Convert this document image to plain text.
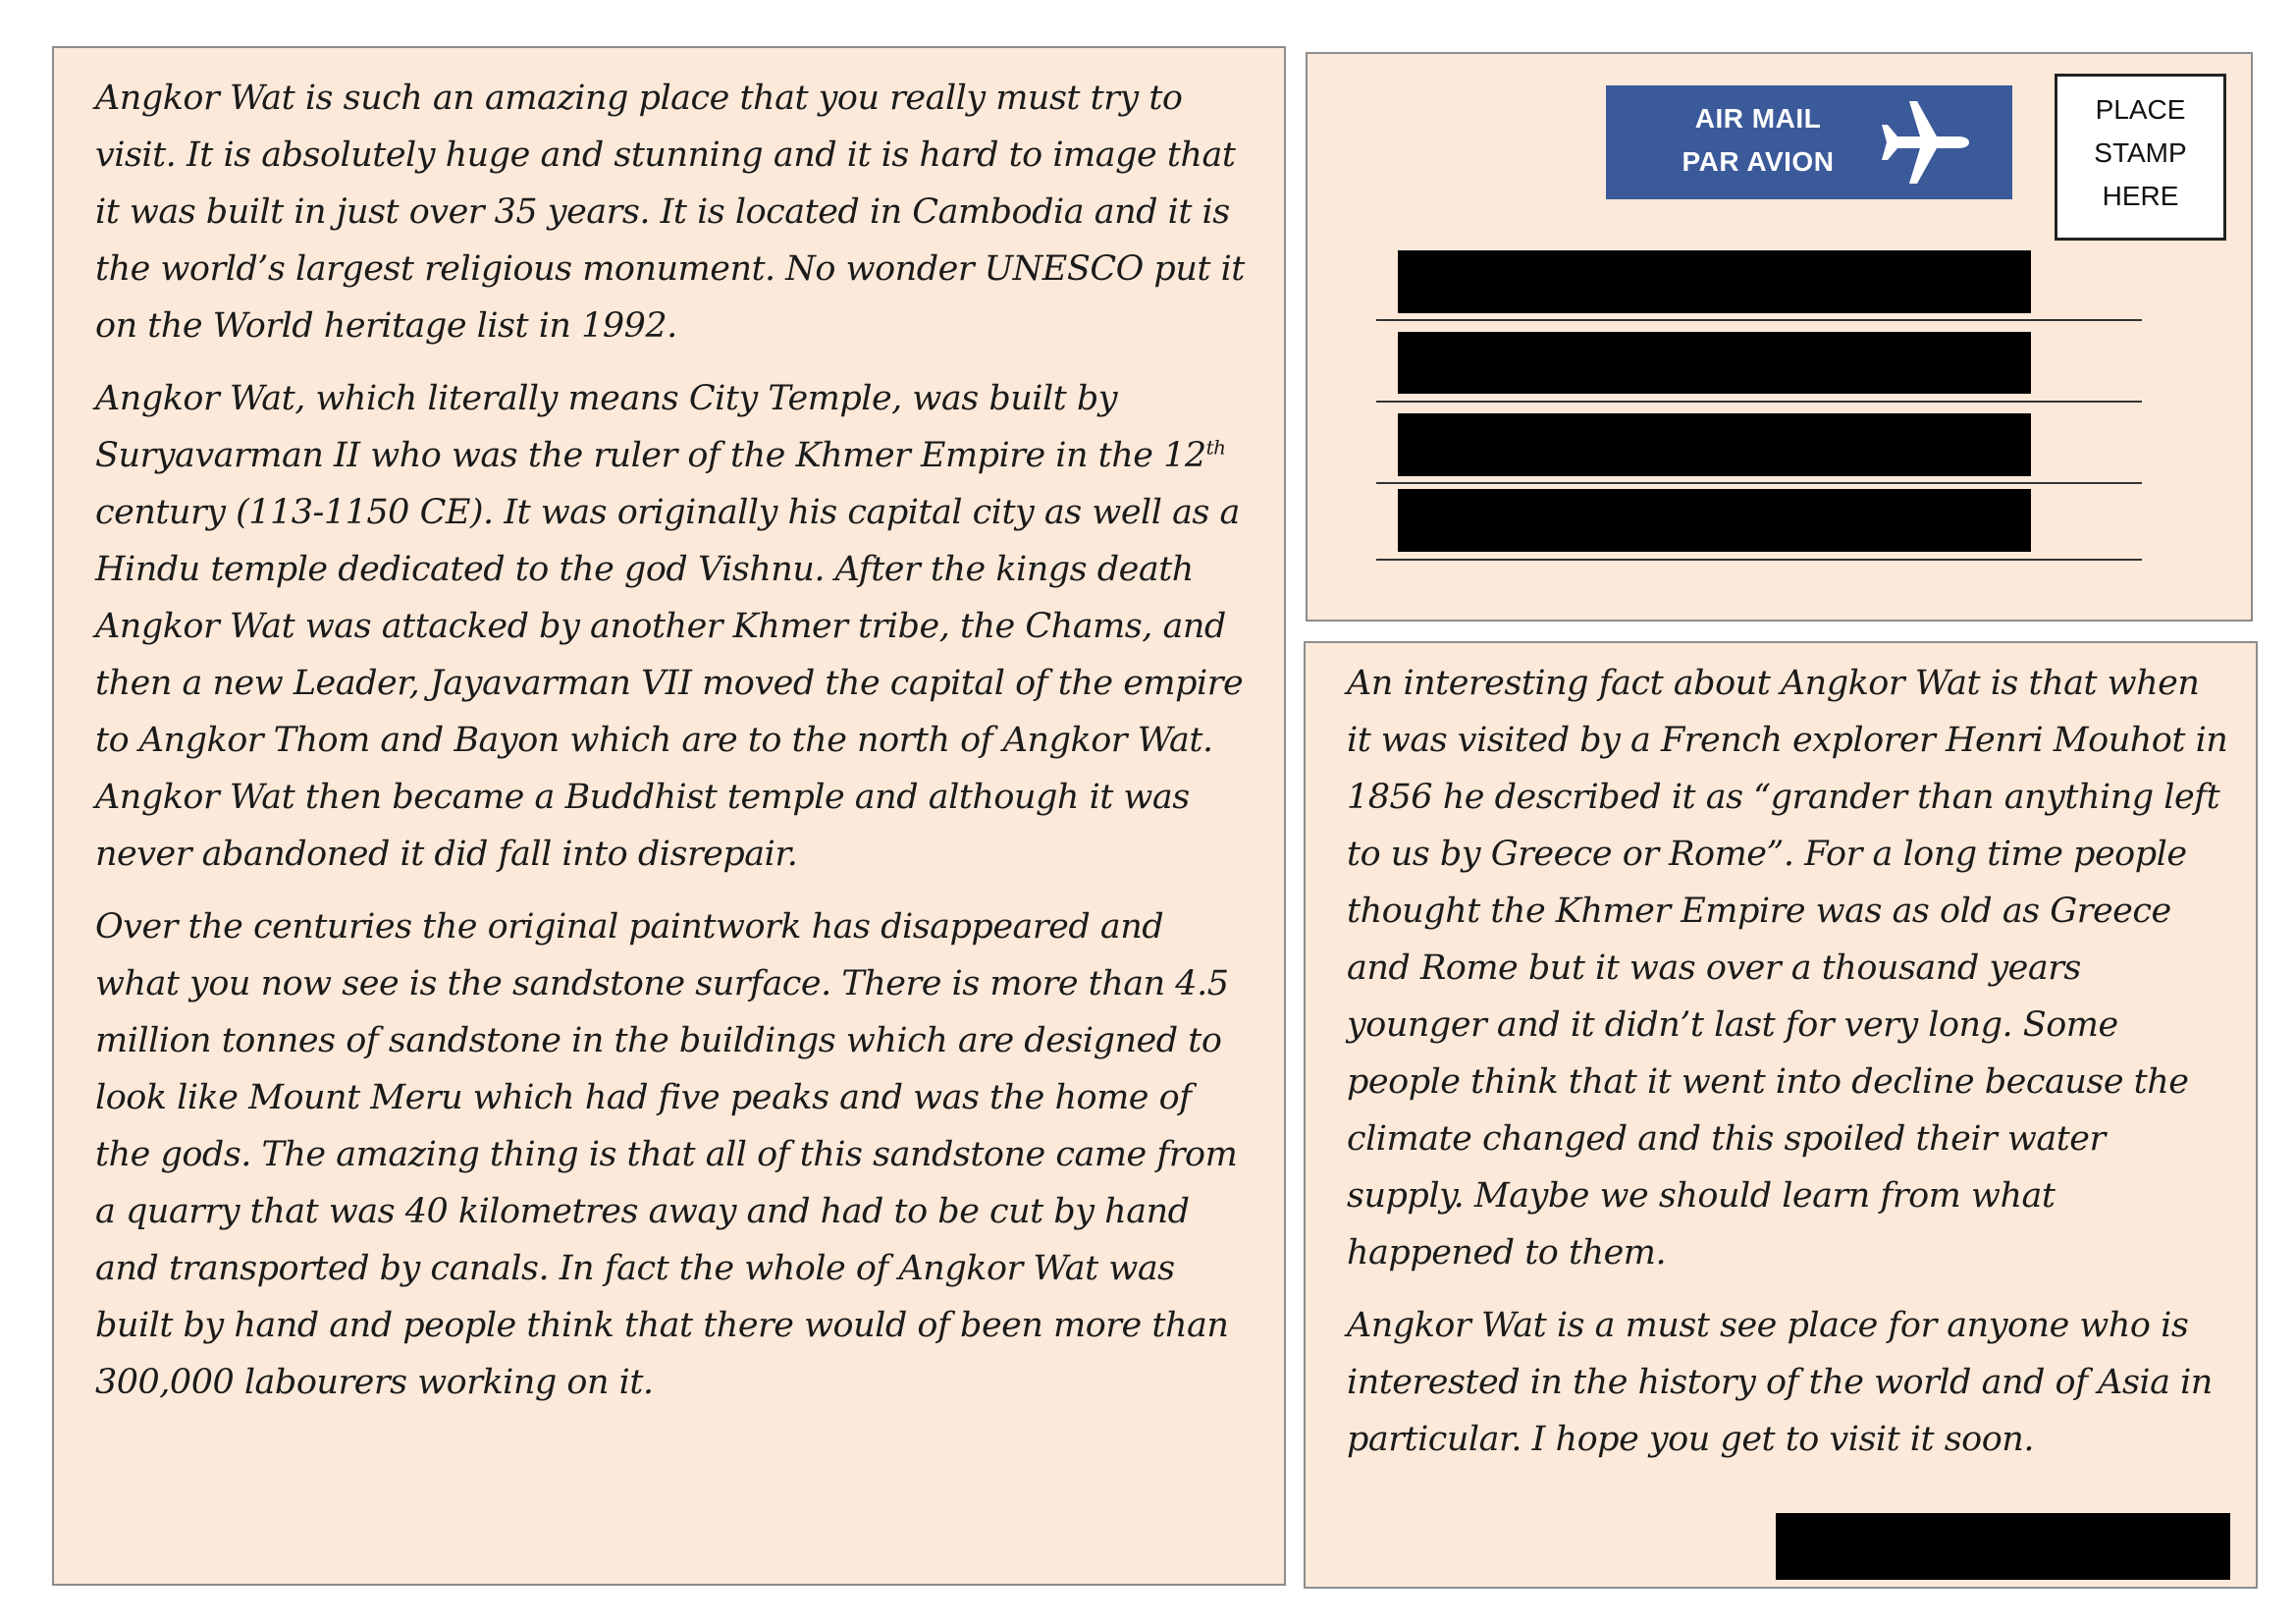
Angkor Wat is such an amazing place that you really must try to visit. It is absolutely huge and stunning and it is hard to image that it was built in just over 35 years. It is located in Cambodia and it is the world’s largest religious monument. No wonder UNESCO put it on the World heritage list in 1992.

Angkor Wat, which literally means City Temple, was built by Suryavarman II who was the ruler of the Khmer Empire in the 12th century (113-1150 CE). It was originally his capital city as well as a Hindu temple dedicated to the god Vishnu. After the kings death Angkor Wat was attacked by another Khmer tribe, the Chams, and then a new Leader, Jayavarman VII moved the capital of the empire to Angkor Thom and Bayon which are to the north of Angkor Wat. Angkor Wat then became a Buddhist temple and although it was never abandoned it did fall into disrepair.

Over the centuries the original paintwork has disappeared and what you now see is the sandstone surface. There is more than 4.5 million tonnes of sandstone in the buildings which are designed to look like Mount Meru which had five peaks and was the home of the gods. The amazing thing is that all of this sandstone came from a quarry that was 40 kilometres away and had to be cut by hand and transported by canals. In fact the whole of Angkor Wat was built by hand and people think that there would of been more than 300,000 labourers working on it.

AIR MAIL
PAR AVION
PLACE
STAMP
HERE

An interesting fact about Angkor Wat is that when it was visited by a French explorer Henri Mouhot in 1856 he described it as “grander than anything left to us by Greece or Rome”. For a long time people thought the Khmer Empire was as old as Greece and Rome but it was over a thousand years younger and it didn’t last for very long. Some people think that it went into decline because the climate changed and this spoiled their water supply. Maybe we should learn from what happened to them.

Angkor Wat is a must see place for anyone who is interested in the history of the world and of Asia in particular. I hope you get to visit it soon.
